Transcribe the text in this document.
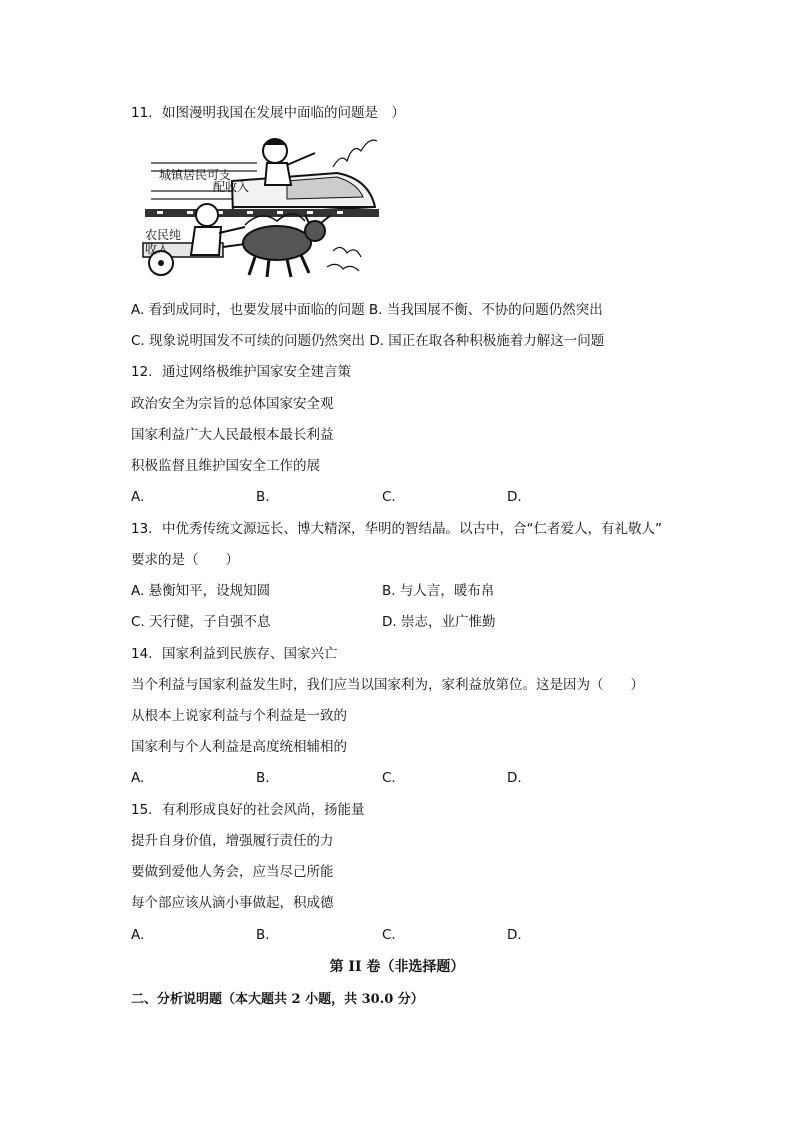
11. 如图漫明我国在发展中面临的问题是　）
城镇居民可支
配收入
农民纯
收入
A. 看到成同时，也要发展中面临的问题 B. 当我国展不衡、不协的问题仍然突出
C. 现象说明国发不可续的问题仍然突出 D. 国正在取各种积极施着力解这一问题
12. 通过网络极维护国家安全建言策
政治安全为宗旨的总体国家安全观
国家利益广大人民最根本最长利益
积极监督且维护国安全工作的展
A.	B.	C.	D.
13. 中优秀传统文源远长、博大精深，华明的智结晶。以古中，合“仁者爱人，有礼敬人”
要求的是（　　）
A. 悬衡知平，设规知圆	B. 与人言，暖布帛
C. 天行健，子自强不息	D. 崇志，业广惟勤
14. 国家利益到民族存、国家兴亡
当个利益与国家利益发生时，我们应当以国家利为，家利益放第位。这是因为（　　）
从根本上说家利益与个利益是一致的
国家利与个人利益是高度统相辅相的
A.	B.	C.	D.
15. 有利形成良好的社会风尚，扬能量
提升自身价值，增强履行责任的力
要做到爱他人务会，应当尽己所能
每个部应该从滴小事做起，积成德
A.	B.	C.	D.
第 II 卷（非选择题）
二、分析说明题（本大题共 2 小题，共 30.0 分）
